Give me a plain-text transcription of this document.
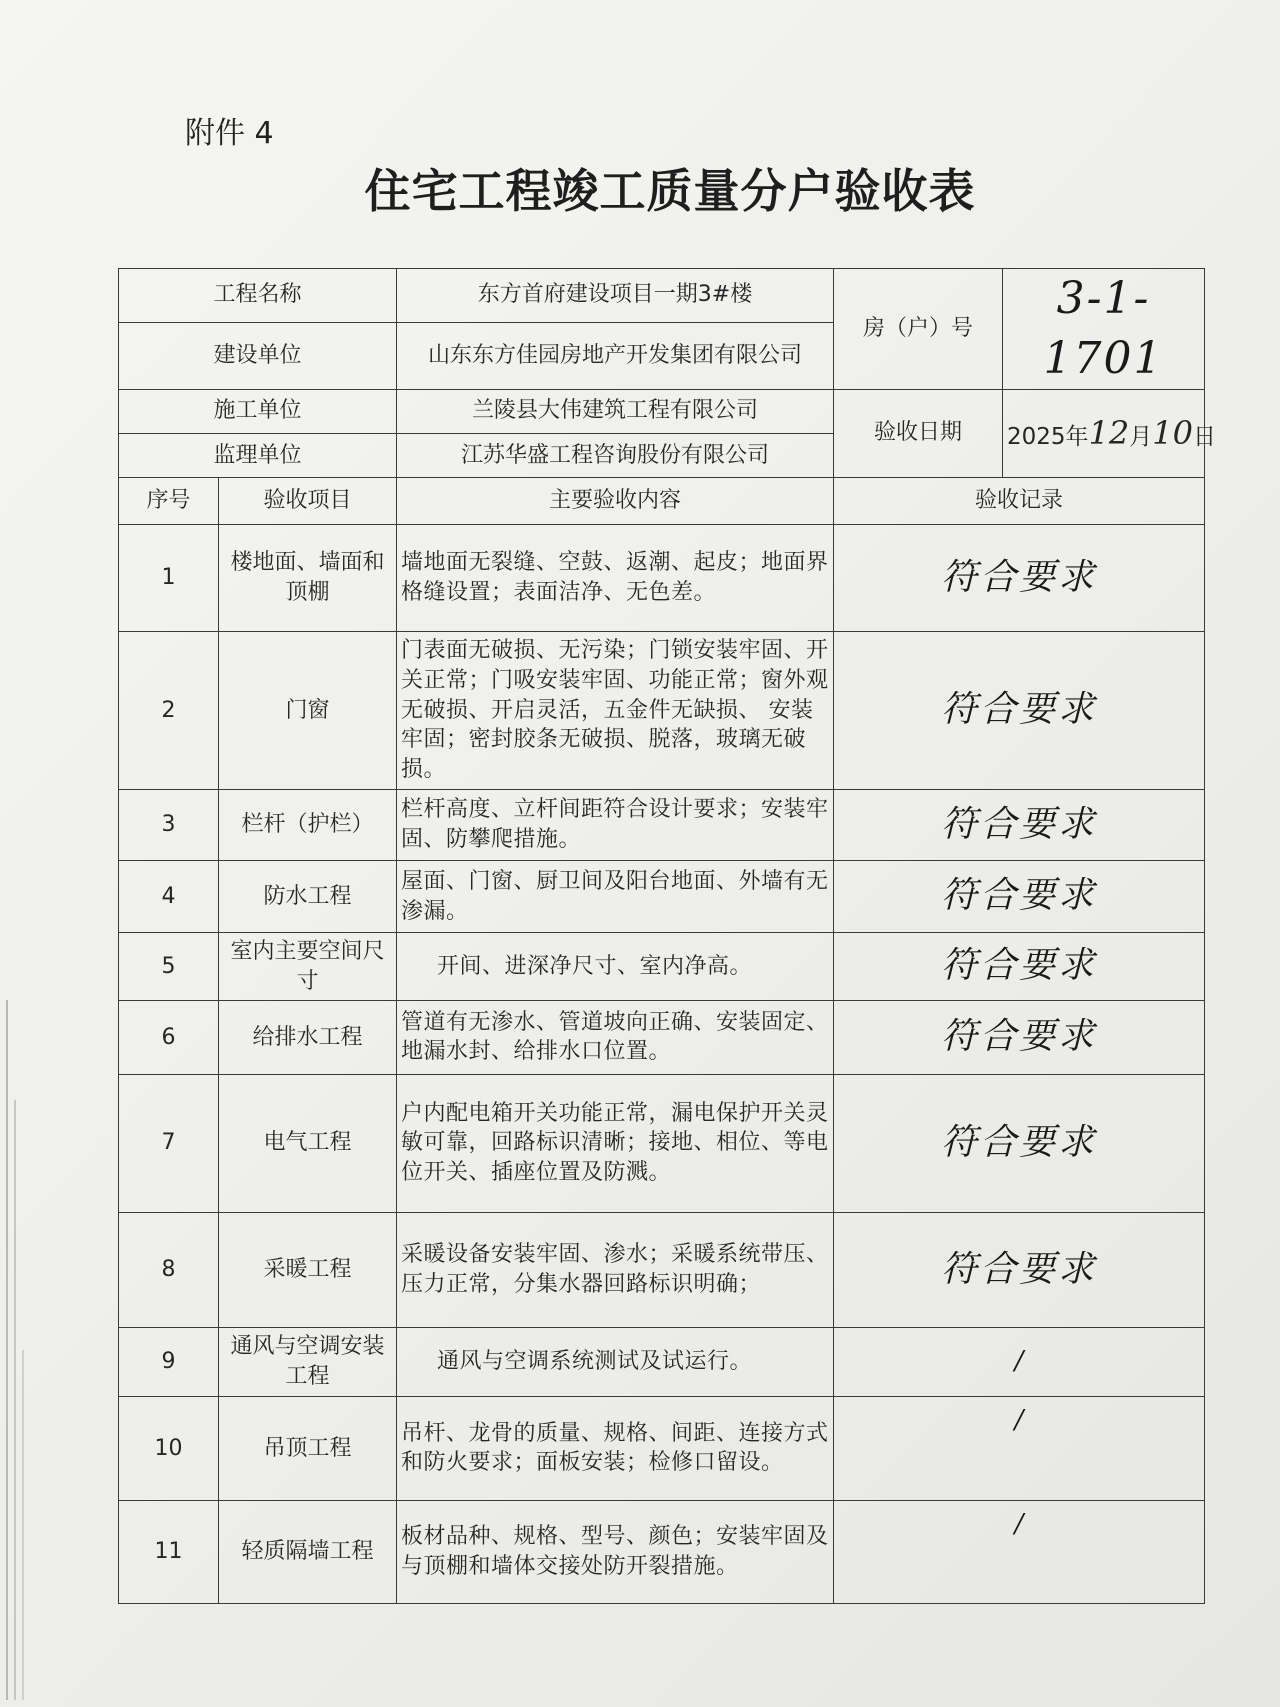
附件 4
住宅工程竣工质量分户验收表
工程名称		东方首府建设项目一期3#楼	房（户）号	3-1-1701
建设单位		山东东方佳园房地产开发集团有限公司		
施工单位		兰陵县大伟建筑工程有限公司	验收日期	2025年12月10日
监理单位		江苏华盛工程咨询股份有限公司		
序号	验收项目	主要验收内容	验收记录	
1	楼地面、墙面和顶棚	墙地面无裂缝、空鼓、返潮、起皮；地面界格缝设置；表面洁净、无色差。	符合要求	
2	门窗	门表面无破损、无污染；门锁安装牢固、开关正常；门吸安装牢固、功能正常；窗外观无破损、开启灵活，五金件无缺损、 安装牢固；密封胶条无破损、脱落，玻璃无破损。	符合要求	
3	栏杆（护栏）	栏杆高度、立杆间距符合设计要求；安装牢固、防攀爬措施。	符合要求	
4	防水工程	屋面、门窗、厨卫间及阳台地面、外墙有无渗漏。	符合要求	
5	室内主要空间尺寸	开间、进深净尺寸、室内净高。	符合要求	
6	给排水工程	管道有无渗水、管道坡向正确、安装固定、地漏水封、给排水口位置。	符合要求	
7	电气工程	户内配电箱开关功能正常，漏电保护开关灵敏可靠，回路标识清晰；接地、相位、等电位开关、插座位置及防溅。	符合要求	
8	采暖工程	采暖设备安装牢固、渗水；采暖系统带压、压力正常，分集水器回路标识明确；	符合要求	
9	通风与空调安装工程	通风与空调系统测试及试运行。	/	
10	吊顶工程	吊杆、龙骨的质量、规格、间距、连接方式和防火要求；面板安装；检修口留设。	/	
11	轻质隔墙工程	板材品种、规格、型号、颜色；安装牢固及与顶棚和墙体交接处防开裂措施。	/	
